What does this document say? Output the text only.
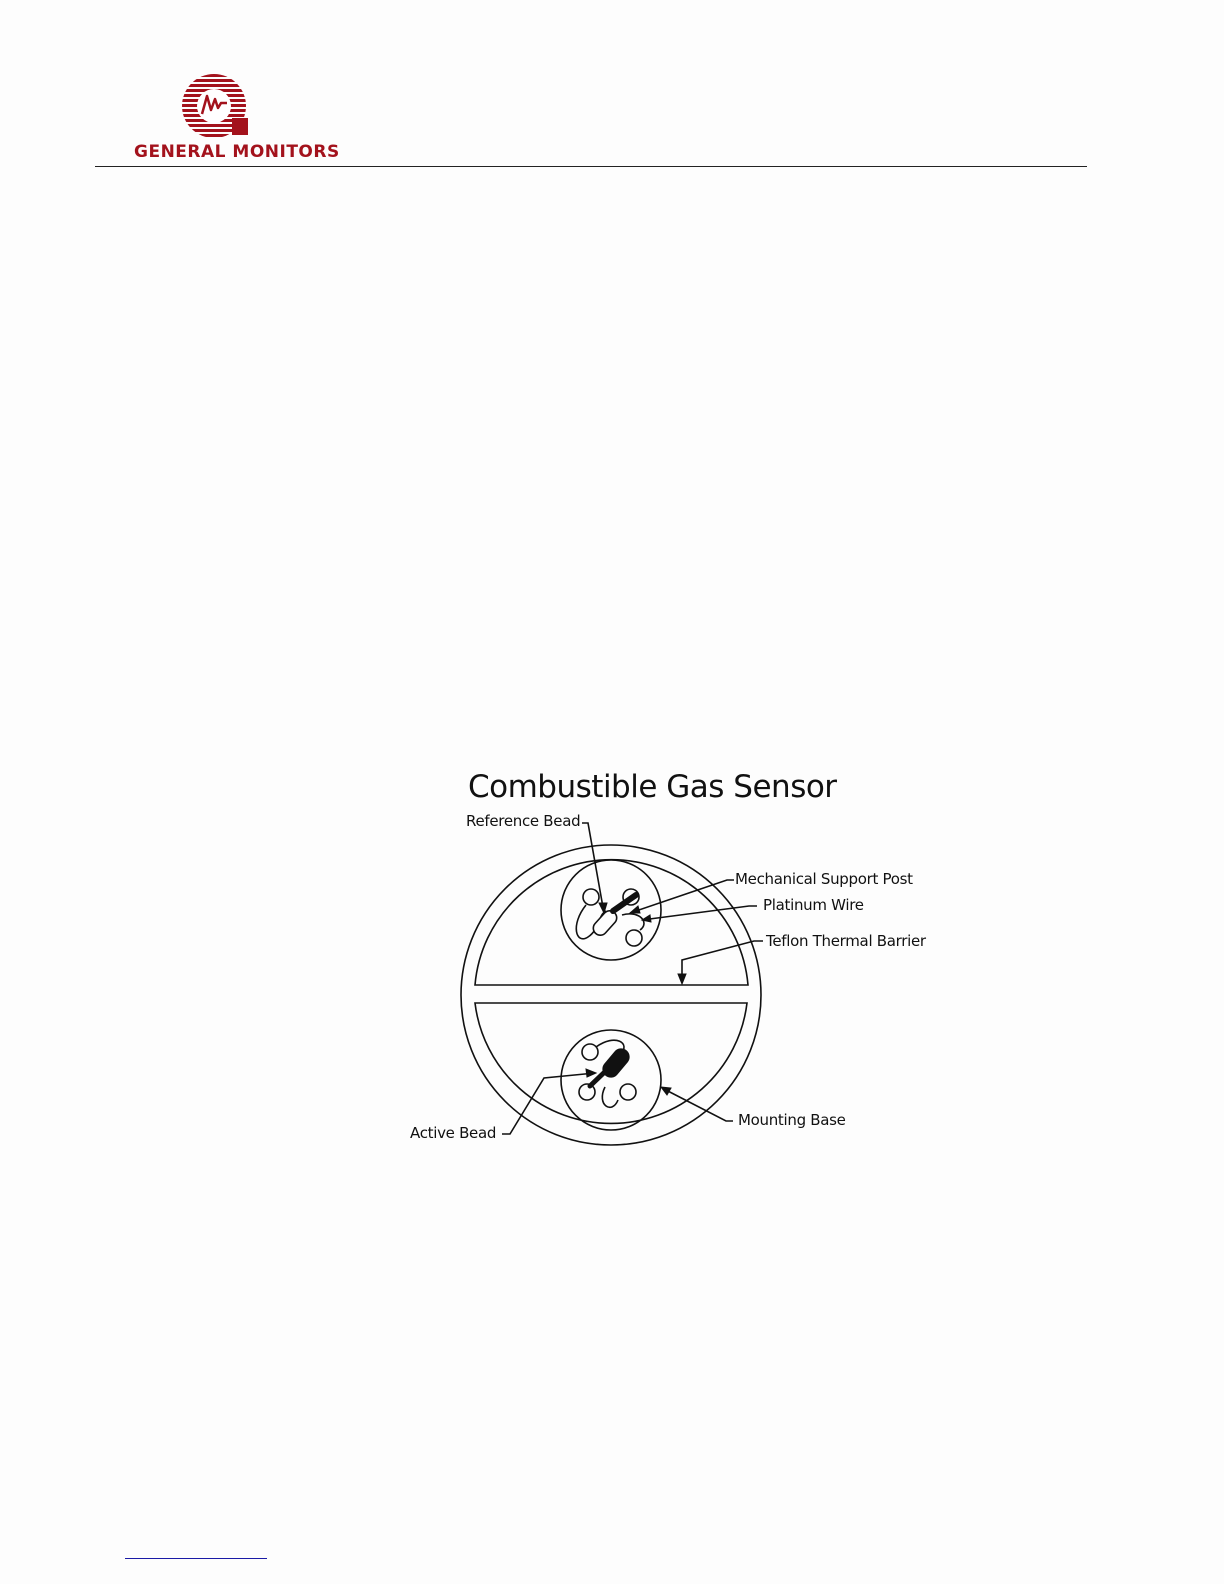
GENERAL MONITORS
Combustible Gas Sensor
Reference Bead
Mechanical Support Post
Platinum Wire
Teflon Thermal Barrier
Active Bead
Mounting Base
